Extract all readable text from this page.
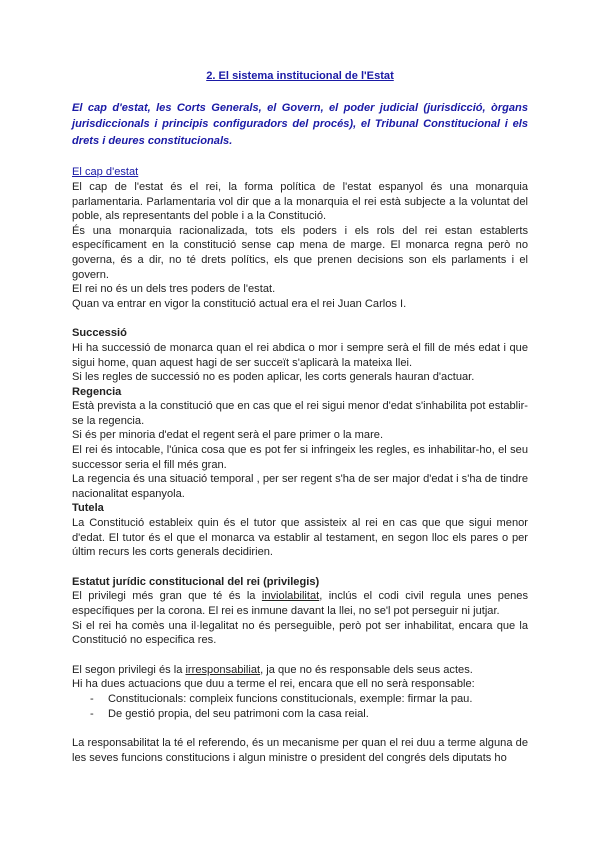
2. El sistema institucional de l'Estat

El cap d'estat, les Corts Generals, el Govern, el poder judicial (jurisdicció, òrgans jurisdiccionals i principis configuradors del procés), el Tribunal Constitucional i els drets i deures constitucionals.

El cap d'estat

El cap de l'estat és el rei, la forma política de l'estat espanyol és una monarquia parlamentaria. Parlamentaria vol dir que a la monarquia el rei està subjecte a la voluntat del poble, als representants del poble i a la Constitució.

És una monarquia racionalizada, tots els poders i els rols del rei estan establerts específicament en la constitució sense cap mena de marge. El monarca regna però no governa, és a dir, no té drets polítics, els que prenen decisions son els parlaments i el govern.

El rei no és un dels tres poders de l'estat.

Quan va entrar en vigor la constitució actual era el rei Juan Carlos I.

Successió

Hi ha successió de monarca quan el rei abdica o mor i sempre serà el fill de més edat i que sigui home, quan aquest hagi de ser succeït s'aplicarà la mateixa llei.

Si les regles de successió no es poden aplicar, les corts generals hauran d'actuar.

Regencia

Està prevista a la constitució que en cas que el rei sigui menor d'edat s'inhabilita pot establir-se la regencia.

Si és per minoria d'edat el regent serà el pare primer o la mare.

El rei és intocable, l'única cosa que es pot fer si infringeix les regles, es inhabilitar-ho, el seu successor seria el fill més gran.

La regencia és una situació temporal , per ser regent s'ha de ser major d'edat i s'ha de tindre nacionalitat espanyola.

Tutela

La Constitució estableix quin és el tutor que assisteix al rei en cas que que sigui menor d'edat. El tutor és el que el monarca va establir al testament, en segon lloc els pares o per últim recurs les corts generals decidirien.

Estatut jurídic constitucional del rei (privilegis)

El privilegi més gran que té és la inviolabilitat, inclús el codi civil regula unes penes específiques per la corona. El rei es inmune davant la llei, no se'l pot perseguir ni jutjar.

Si el rei ha comès una il·legalitat no és perseguible, però pot ser inhabilitat, encara que la Constitució no especifica res.

El segon privilegi és la irresponsabiliat, ja que no és responsable dels seus actes.

Hi ha dues actuacions que duu a terme el rei, encara que ell no serà responsable:

- Constitucionals: compleix funcions constitucionals, exemple: firmar la pau.
- De gestió propia, del seu patrimoni com la casa reial.

La responsabilitat la té el referendo, és un mecanisme per quan el rei duu a terme alguna de les seves funcions constitucions i algun ministre o president del congrés dels diputats ho
